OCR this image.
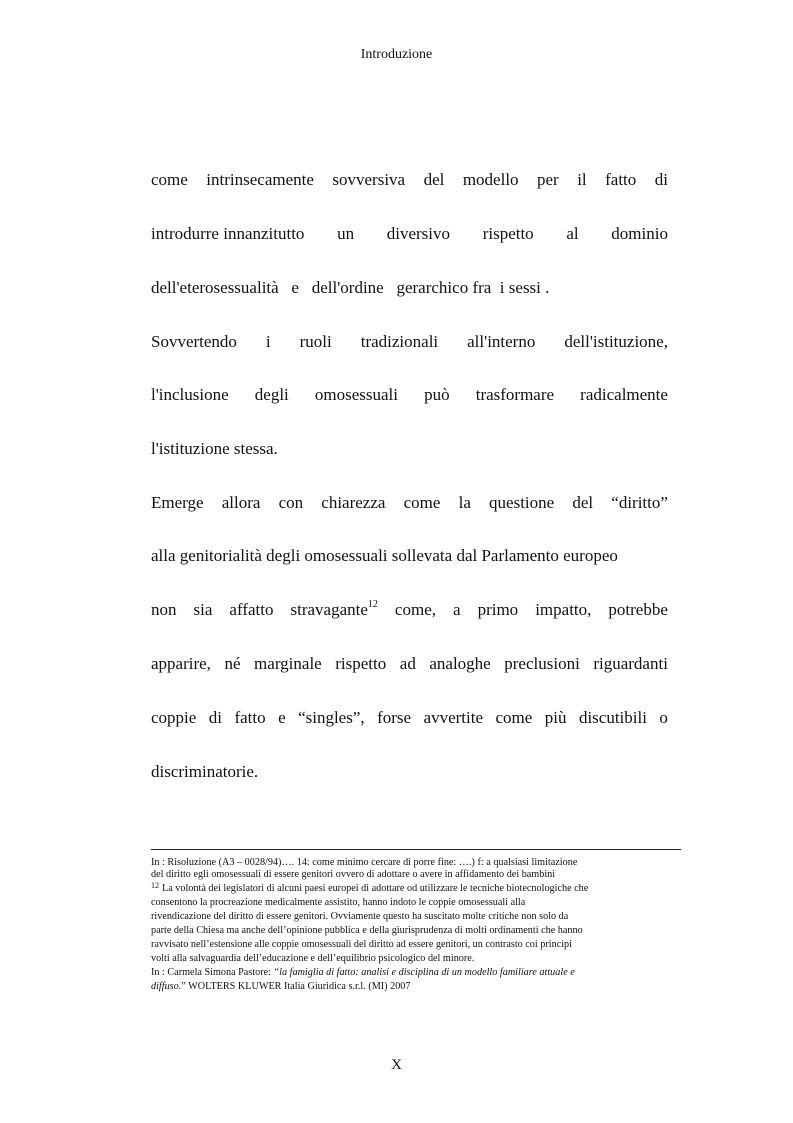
Introduzione
come intrinsecamente sovversiva del modello per il fatto di
introdurre innanzitutto un diversivo rispetto al dominio
dell'eterosessualità   e   dell'ordine   gerarchico fra  i sessi .
Sovvertendo i ruoli tradizionali all'interno dell'istituzione,
l'inclusione degli omosessuali può trasformare radicalmente
l'istituzione stessa.
Emerge allora con chiarezza come la questione del “diritto”
alla genitorialità degli omosessuali sollevata dal Parlamento europeo
non sia affatto stravagante$^{12}$ come, a primo impatto, potrebbe
apparire, né marginale rispetto ad analoghe preclusioni riguardanti
coppie di fatto e “singles”, forse avvertite come più discutibili o
discriminatorie.
In : Risoluzione (A3 – 0028/94)…. 14: come minimo cercare di porre fine: ….) f: a qualsiasi limitazione
del diritto egli omosessuali di essere genitori ovvero di adottare o avere in affidamento dei bambini
$^{12}$ La volontà dei legislatori di alcuni paesi europei di adottare od utilizzare le tecniche biotecnologiche che
consentono la procreazione medicalmente assistito, hanno indoto le coppie omosessuali alla
rivendicazione del diritto di essere genitori. Ovviamente questo ha suscitato molte critiche non solo da
parte della Chiesa ma anche dell’opinione pubblica e della giurisprudenza di molti ordinamenti che hanno
ravvisato nell’estensione alle coppie omosessuali del diritto ad essere genitori, un contrasto coi principi
volti alla salvaguardia dell’educazione e dell’equilibrio psicologico del minore.
In : Carmela Simona Pastore: “la famiglia di fatto: analisi e disciplina di un modello familiare attuale e
diffuso.” WOLTERS KLUWER Italia Giuridica s.r.l. (MI) 2007
X
